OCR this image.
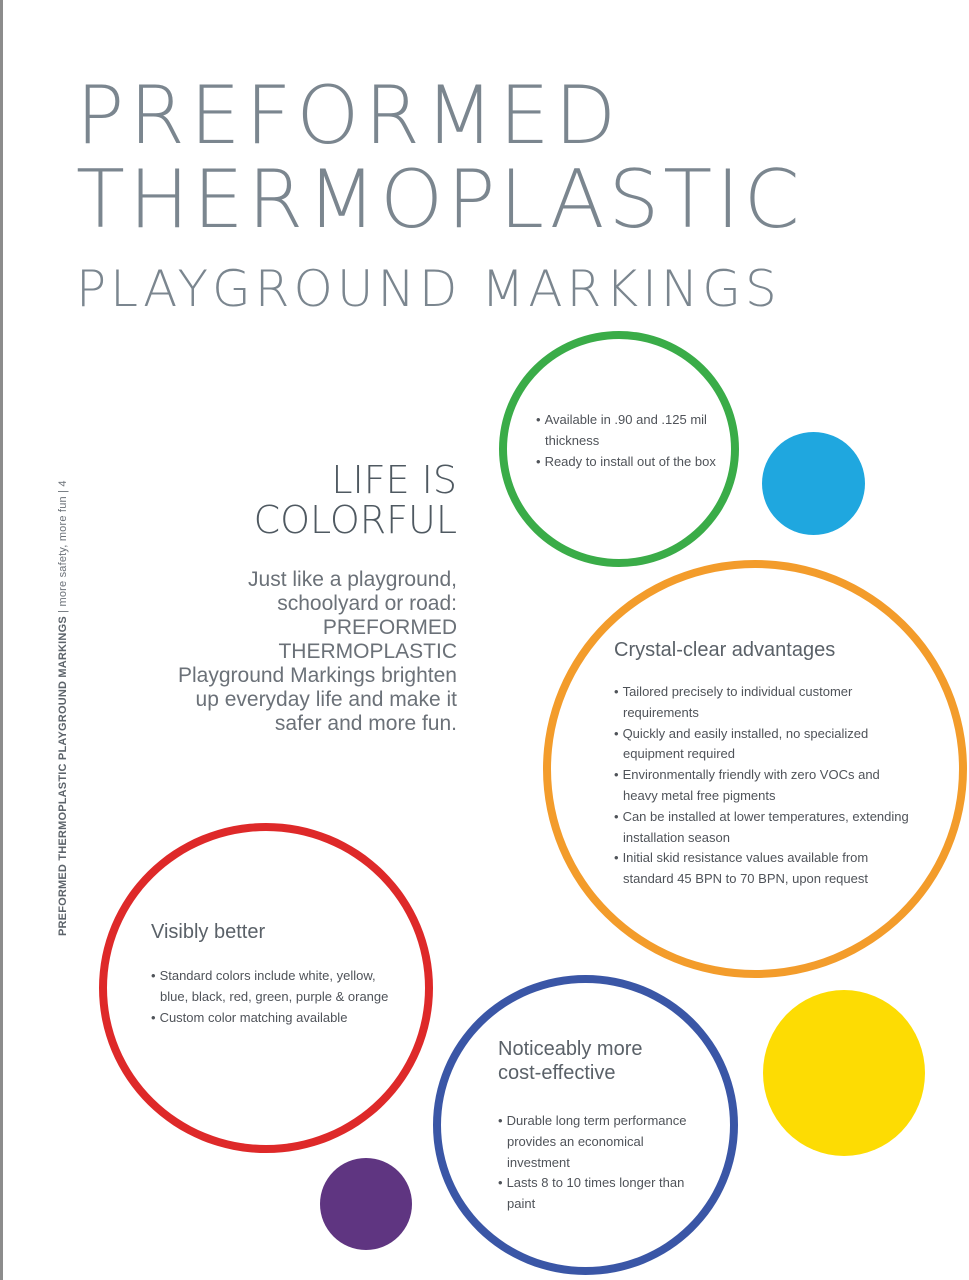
PREFORMED
THERMOPLASTIC
PLAYGROUND MARKINGS
PREFORMED THERMOPLASTIC PLAYGROUND MARKINGS | more safety, more fun | 4	LIFE IS
COLORFUL
Just like a playground, schoolyard or road: PREFORMED THERMOPLASTIC Playground Markings brighten up everyday life and make it safer and more fun.
• Available in .90 and .125 mil thickness
• Ready to install out of the box
Crystal-clear advantages
• Tailored precisely to individual customer requirements
• Quickly and easily installed, no specialized equipment required
• Environmentally friendly with zero VOCs and heavy metal free pigments
• Can be installed at lower temperatures, extending installation season
• Initial skid resistance values available from standard 45 BPN to 70 BPN, upon request
Visibly better
• Standard colors include white, yellow, blue, black, red, green, purple & orange
• Custom color matching available
Noticeably more
cost-effective
• Durable long term performance provides an economical investment
• Lasts 8 to 10 times longer than paint
